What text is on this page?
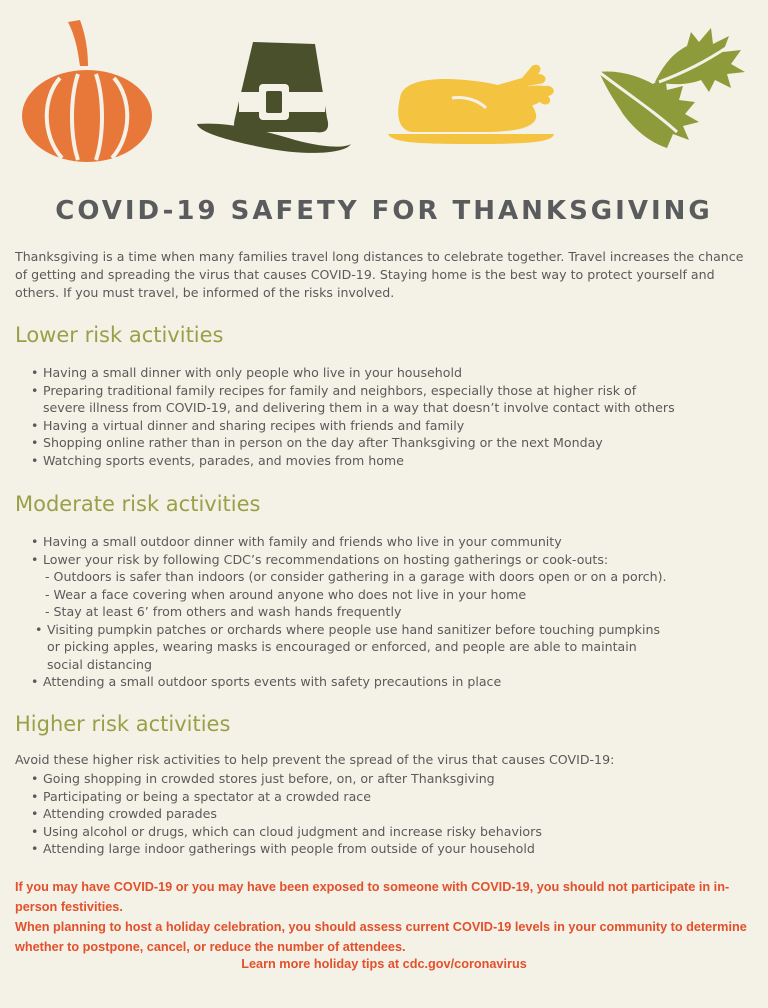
COVID-19 SAFETY FOR THANKSGIVING

Thanksgiving is a time when many families travel long distances to celebrate together. Travel increases the chance of getting and spreading the virus that causes COVID-19. Staying home is the best way to protect yourself and others. If you must travel, be informed of the risks involved.

Lower risk activities
• Having a small dinner with only people who live in your household
• Preparing traditional family recipes for family and neighbors, especially those at higher risk of
severe illness from COVID-19, and delivering them in a way that doesn’t involve contact with others
• Having a virtual dinner and sharing recipes with friends and family
• Shopping online rather than in person on the day after Thanksgiving or the next Monday
• Watching sports events, parades, and movies from home
Moderate risk activities
• Having a small outdoor dinner with family and friends who live in your community
• Lower your risk by following CDC’s recommendations on hosting gatherings or cook-outs:
- Outdoors is safer than indoors (or consider gathering in a garage with doors open or on a porch).
- Wear a face covering when around anyone who does not live in your home
- Stay at least 6’ from others and wash hands frequently
• Visiting pumpkin patches or orchards where people use hand sanitizer before touching pumpkins
or picking apples, wearing masks is encouraged or enforced, and people are able to maintain
social distancing
• Attending a small outdoor sports events with safety precautions in place
Higher risk activities

Avoid these higher risk activities to help prevent the spread of the virus that causes COVID-19:

• Going shopping in crowded stores just before, on, or after Thanksgiving
• Participating or being a spectator at a crowded race
• Attending crowded parades
• Using alcohol or drugs, which can cloud judgment and increase risky behaviors
• Attending large indoor gatherings with people from outside of your household
If you may have COVID-19 or you may have been exposed to someone with COVID-19, you should not participate in in-person festivities.
When planning to host a holiday celebration, you should assess current COVID-19 levels in your community to determine whether to postpone, cancel, or reduce the number of attendees.

Learn more holiday tips at cdc.gov/coronavirus
